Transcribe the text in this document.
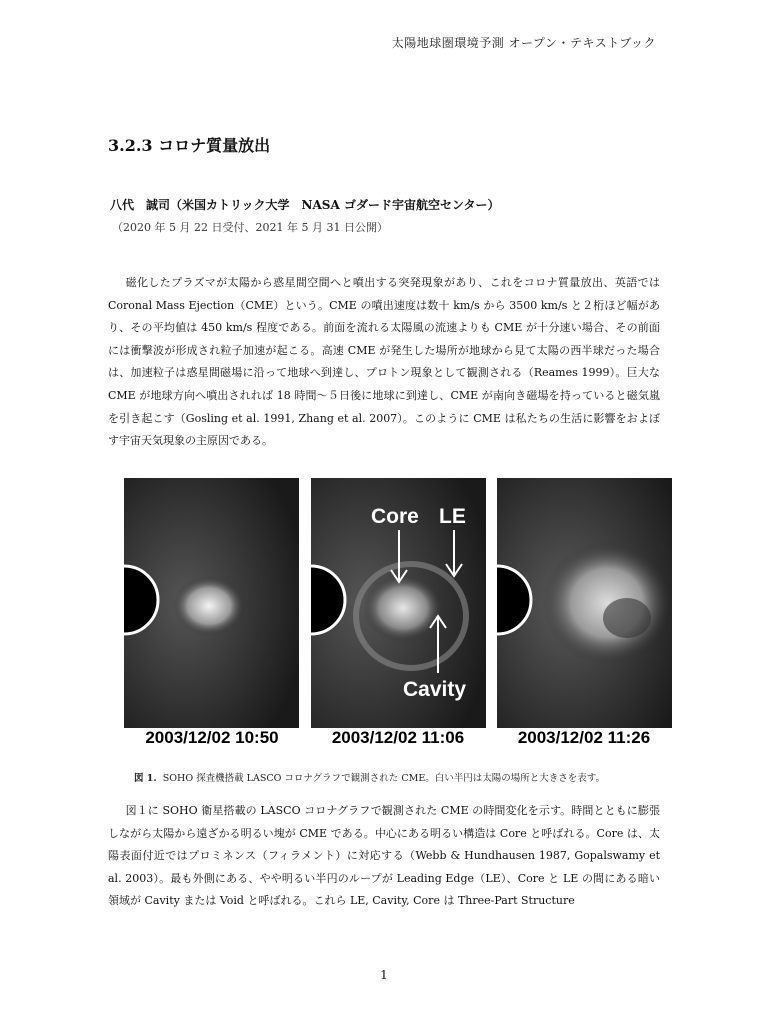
太陽地球圏環境予測 オープン・テキストブック
3.2.3 コロナ質量放出
八代　誠司（米国カトリック大学　NASA ゴダード宇宙航空センター）
（2020 年 5 月 22 日受付、2021 年 5 月 31 日公開）
磁化したプラズマが太陽から惑星間空間へと噴出する突発現象があり、これをコロナ質量放出、英語では Coronal Mass Ejection（CME）という。CME の噴出速度は数十 km/s から 3500 km/s と２桁ほど幅があり、その平均値は 450 km/s 程度である。前面を流れる太陽風の流速よりも CME が十分速い場合、その前面には衝撃波が形成され粒子加速が起こる。高速 CME が発生した場所が地球から見て太陽の西半球だった場合は、加速粒子は惑星間磁場に沿って地球へ到達し、プロトン現象として観測される（Reames 1999）。巨大な CME が地球方向へ噴出されれば 18 時間〜５日後に地球に到達し、CME が南向き磁場を持っていると磁気嵐を引き起こす（Gosling et al. 1991, Zhang et al. 2007）。このように CME は私たちの生活に影響をおよぼす宇宙天気現象の主原因である。
Core LE
Cavity
2003/12/02 10:50	2003/12/02 11:06	2003/12/02 11:26
図 1. SOHO 探査機搭載 LASCO コロナグラフで観測された CME。白い半円は太陽の場所と大きさを表す。
図１に SOHO 衛星搭載の LASCO コロナグラフで観測された CME の時間変化を示す。時間とともに膨張しながら太陽から遠ざかる明るい塊が CME である。中心にある明るい構造は Core と呼ばれる。Core は、太陽表面付近ではプロミネンス（フィラメント）に対応する（Webb & Hundhausen 1987, Gopalswamy et al. 2003）。最も外側にある、やや明るい半円のループが Leading Edge（LE）、Core と LE の間にある暗い領域が Cavity または Void と呼ばれる。これら LE, Cavity, Core は Three-Part Structure
1
